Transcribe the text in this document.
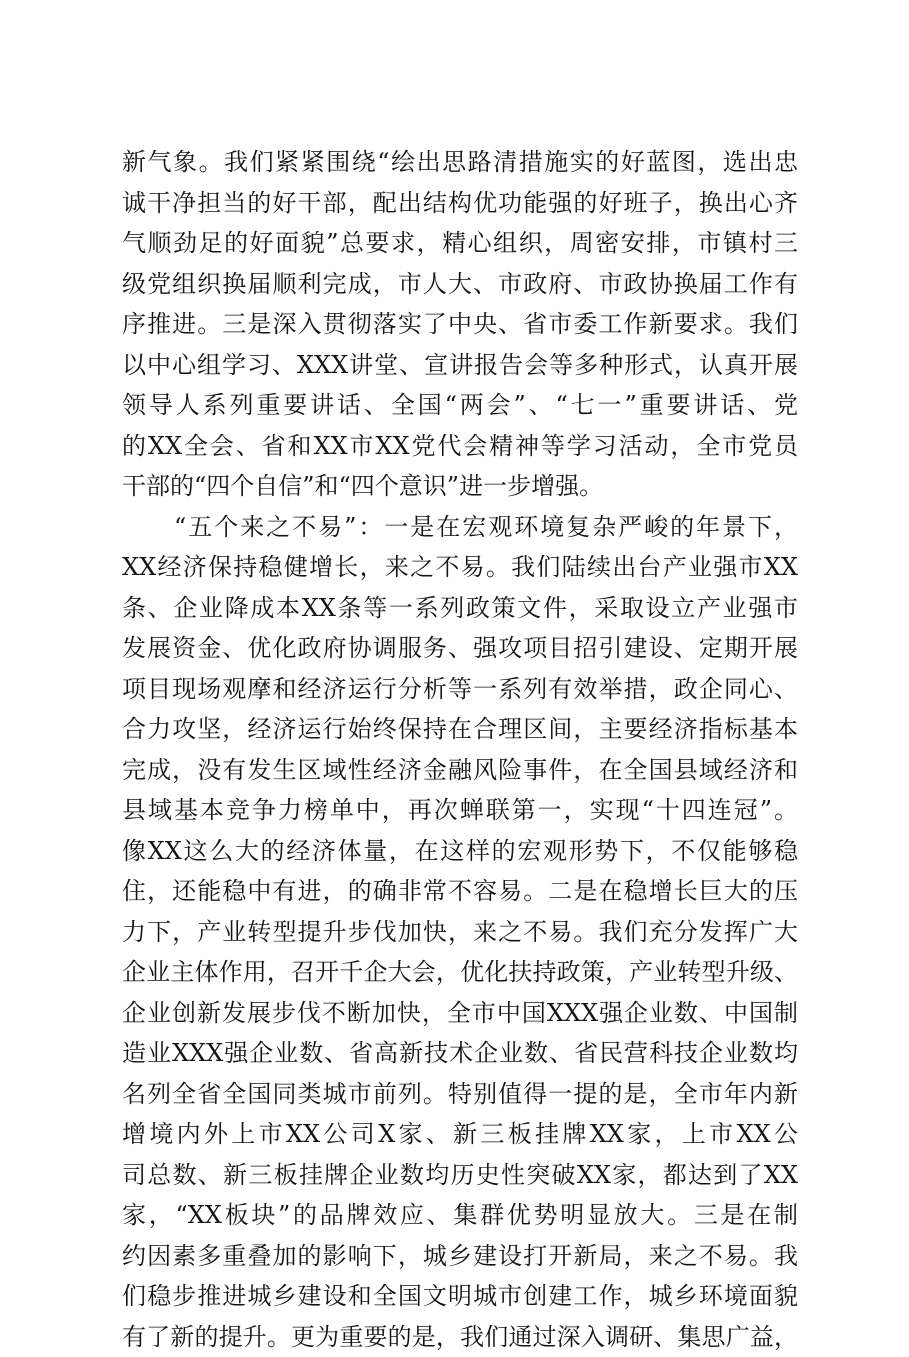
新气象。我们紧紧围绕“绘出思路清措施实的好蓝图，选出忠
诚干净担当的好干部，配出结构优功能强的好班子，换出心齐
气顺劲足的好面貌”总要求，精心组织，周密安排，市镇村三
级党组织换届顺利完成，市人大、市政府、市政协换届工作有
序推进。三是深入贯彻落实了中央、省市委工作新要求。我们
以中心组学习、XXX讲堂、宣讲报告会等多种形式，认真开展
领导人系列重要讲话、全国“两会”、“七一”重要讲话、党
的XX全会、省和XX市XX党代会精神等学习活动，全市党员
干部的“四个自信”和“四个意识”进一步增强。
“五个来之不易”：一是在宏观环境复杂严峻的年景下，
XX经济保持稳健增长，来之不易。我们陆续出台产业强市XX
条、企业降成本XX条等一系列政策文件，采取设立产业强市
发展资金、优化政府协调服务、强攻项目招引建设、定期开展
项目现场观摩和经济运行分析等一系列有效举措，政企同心、
合力攻坚，经济运行始终保持在合理区间，主要经济指标基本
完成，没有发生区域性经济金融风险事件，在全国县域经济和
县域基本竞争力榜单中，再次蝉联第一，实现“十四连冠”。
像XX这么大的经济体量，在这样的宏观形势下，不仅能够稳
住，还能稳中有进，的确非常不容易。二是在稳增长巨大的压
力下，产业转型提升步伐加快，来之不易。我们充分发挥广大
企业主体作用，召开千企大会，优化扶持政策，产业转型升级、
企业创新发展步伐不断加快，全市中国XXX强企业数、中国制
造业XXX强企业数、省高新技术企业数、省民营科技企业数均
名列全省全国同类城市前列。特别值得一提的是，全市年内新
增境内外上市XX公司X家、新三板挂牌XX家，上市XX公
司总数、新三板挂牌企业数均历史性突破XX家，都达到了XX
家，“XX板块”的品牌效应、集群优势明显放大。三是在制
约因素多重叠加的影响下，城乡建设打开新局，来之不易。我
们稳步推进城乡建设和全国文明城市创建工作，城乡环境面貌
有了新的提升。更为重要的是，我们通过深入调研、集思广益，
